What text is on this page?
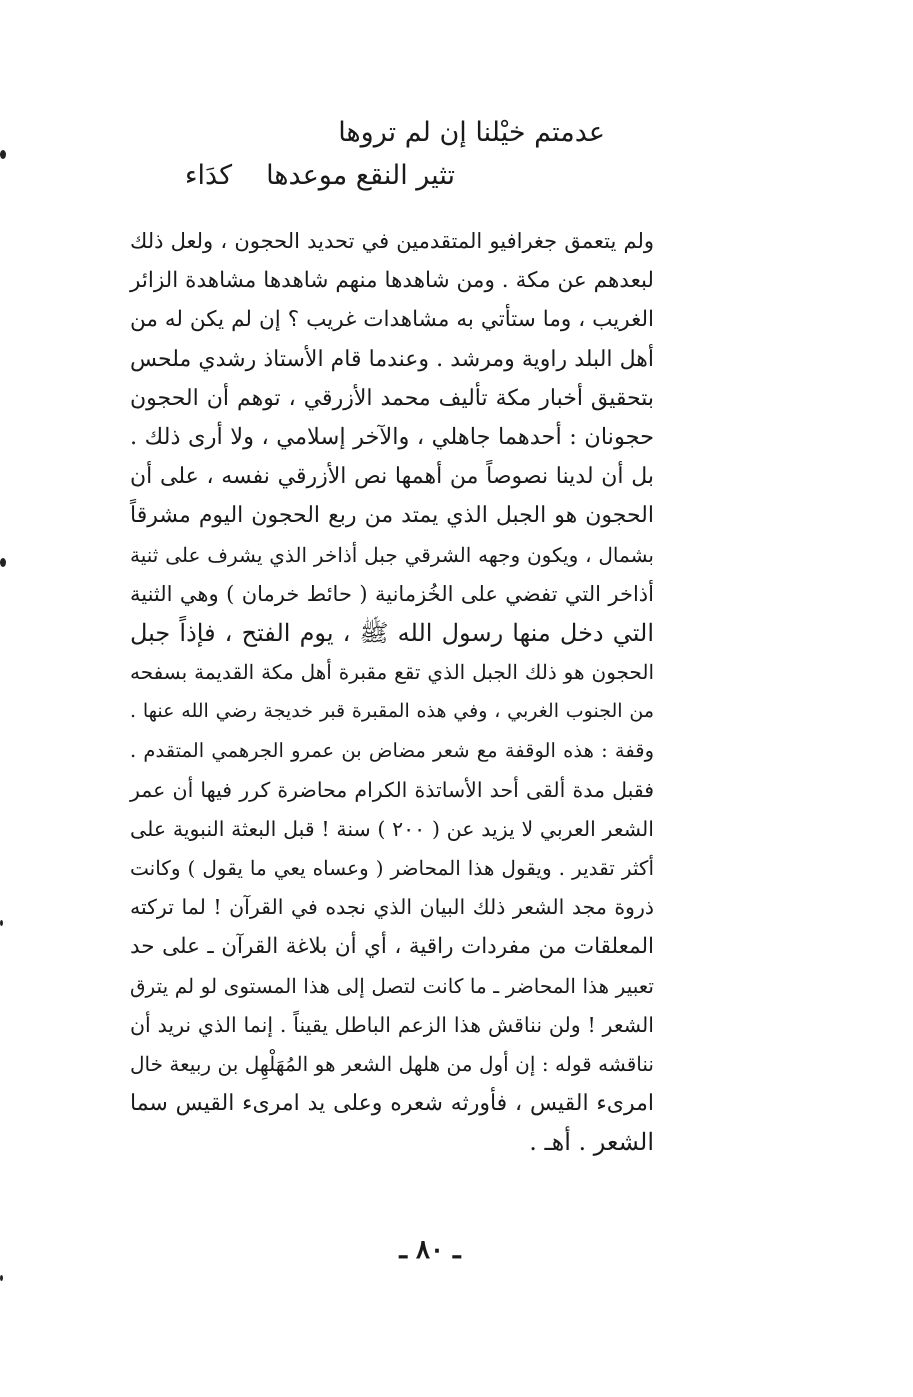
عدمتم خيْلنا إن لم تروها
تثير النقع موعدهاكدَاء
ولم يتعمق جغرافيو المتقدمين في تحديد الحجون ، ولعل ذلك
لبعدهم عن مكة . ومن شاهدها منهم شاهدها مشاهدة الزائر
الغريب ، وما ستأتي به مشاهدات غريب ؟ إن لم يكن له من
أهل البلد راوية ومرشد . وعندما قام الأستاذ رشدي ملحس
بتحقيق أخبار مكة تأليف محمد الأزرقي ، توهم أن الحجون
حجونان : أحدهما جاهلي ، والآخر إسلامي ، ولا أرى ذلك .
بل أن لدينا نصوصاً من أهمها نص الأزرقي نفسه ، على أن
الحجون هو الجبل الذي يمتد من ربع الحجون اليوم مشرقاً
بشمال ، ويكون وجهه الشرقي جبل أذاخر الذي يشرف على ثنية
أذاخر التي تفضي على الخُزمانية ( حائط خرمان ) وهي الثنية
التي دخل منها رسول الله ﷺ ، يوم الفتح ، فإذاً جبل
الحجون هو ذلك الجبل الذي تقع مقبرة أهل مكة القديمة بسفحه
من الجنوب الغربي ، وفي هذه المقبرة قبر خديجة رضي الله عنها .
وقفة : هذه الوقفة مع شعر مضاض بن عمرو الجرهمي المتقدم .
فقبل مدة ألقى أحد الأساتذة الكرام محاضرة كرر فيها أن عمر
الشعر العربي لا يزيد عن ( ٢٠٠ ) سنة ! قبل البعثة النبوية على
أكثر تقدير . ويقول هذا المحاضر ( وعساه يعي ما يقول ) وكانت
ذروة مجد الشعر ذلك البيان الذي نجده في القرآن ! لما تركته
المعلقات من مفردات راقية ، أي أن بلاغة القرآن ـ على حد
تعبير هذا المحاضر ـ ما كانت لتصل إلى هذا المستوى لو لم يترق
الشعر ! ولن نناقش هذا الزعم الباطل يقيناً . إنما الذي نريد أن
نناقشه قوله : إن أول من هلهل الشعر هو المُهَلْهِل بن ربيعة خال
امرىء القيس ، فأورثه شعره وعلى يد امرىء القيس سما
الشعر . أهـ .
ـ ٨٠ ـ
